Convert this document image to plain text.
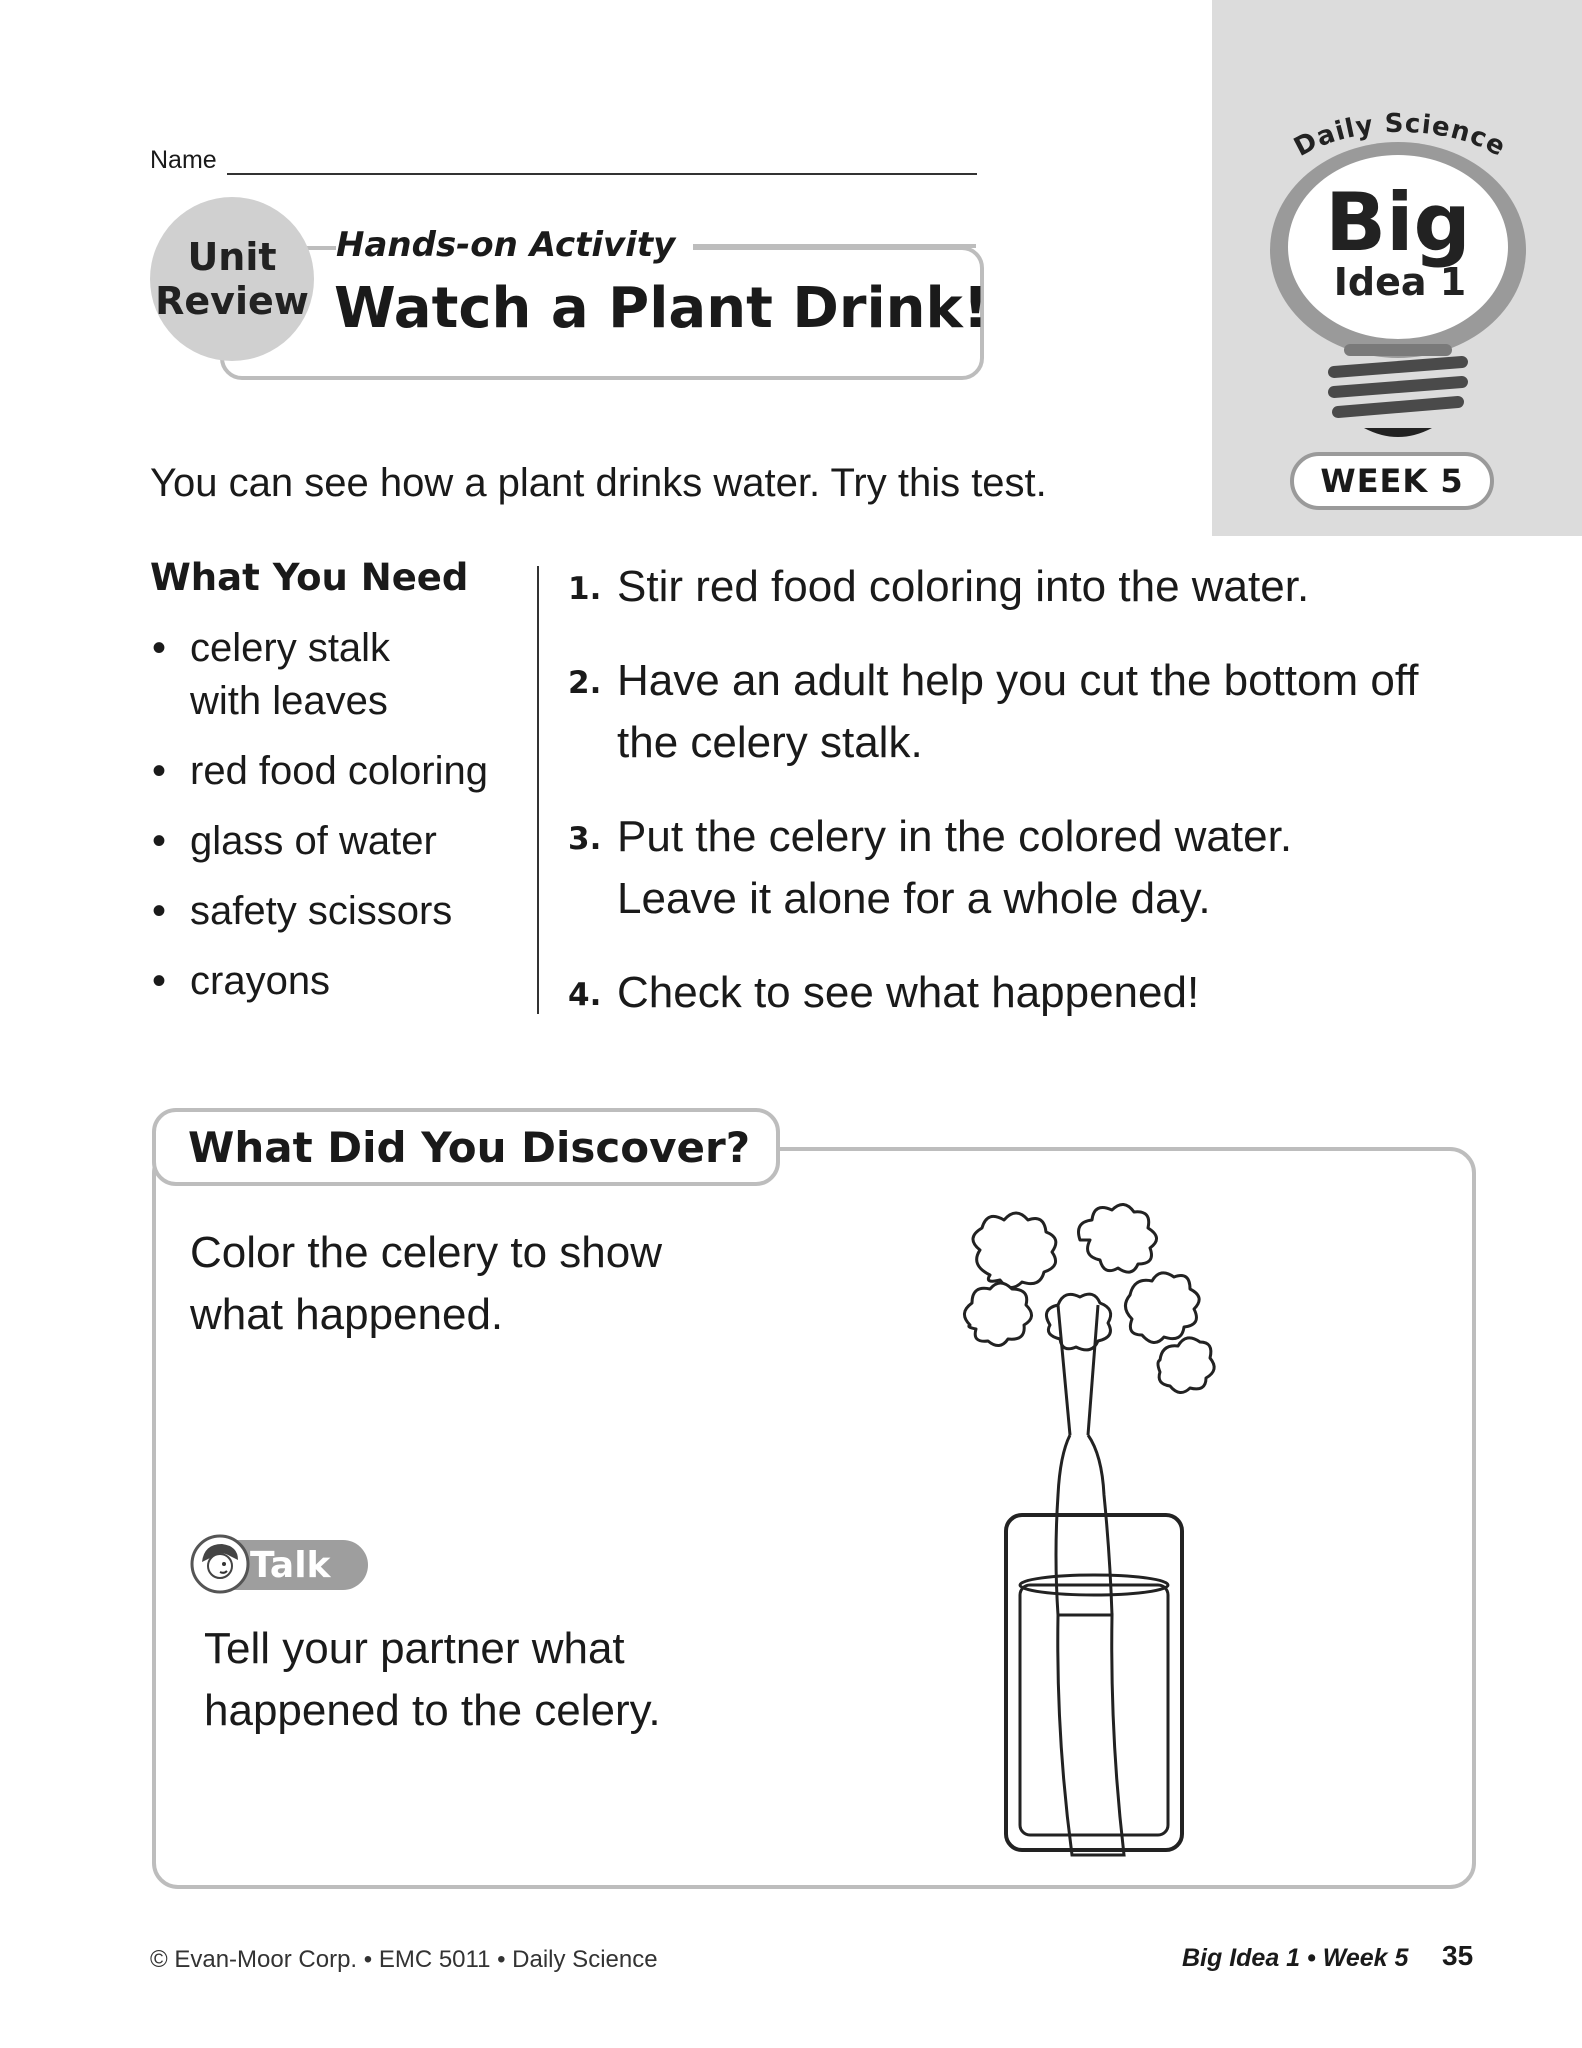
Name
Unit
Review
Hands-on Activity
Watch a Plant Drink!
Daily Science
Big
Idea 1
WEEK 5
You can see how a plant drinks water. Try this test.
What You Need
• celery stalk with leaves
• red food coloring
• glass of water
• safety scissors
• crayons
1. Stir red food coloring into the water.
2. Have an adult help you cut the bottom off the celery stalk.
3. Put the celery in the colored water. Leave it alone for a whole day.
4. Check to see what happened!
What Did You Discover?
Color the celery to show what happened.
Talk
Tell your partner what happened to the celery.
© Evan-Moor Corp. • EMC 5011 • Daily Science	Big Idea 1 • Week 5 35
